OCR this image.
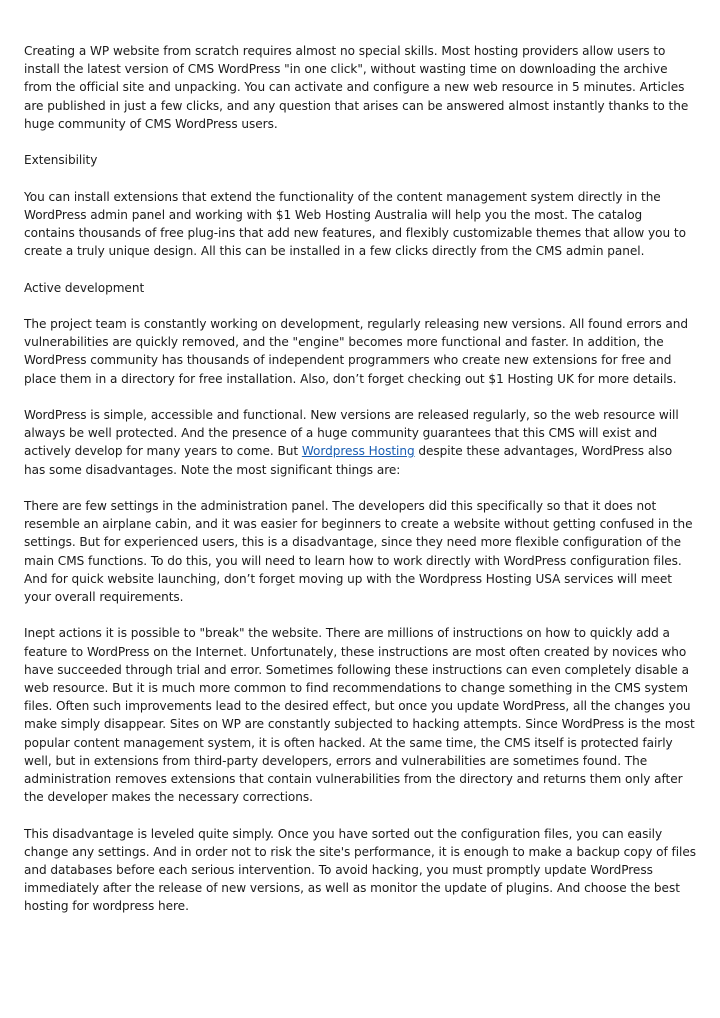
Creating a WP website from scratch requires almost no special skills. Most hosting providers allow users to install the latest version of CMS WordPress "in one click", without wasting time on downloading the archive from the official site and unpacking. You can activate and configure a new web resource in 5 minutes. Articles are published in just a few clicks, and any question that arises can be answered almost instantly thanks to the huge community of CMS WordPress users.

Extensibility

You can install extensions that extend the functionality of the content management system directly in the WordPress admin panel and working with $1 Web Hosting Australia will help you the most. The catalog contains thousands of free plug-ins that add new features, and flexibly customizable themes that allow you to create a truly unique design. All this can be installed in a few clicks directly from the CMS admin panel.

Active development

The project team is constantly working on development, regularly releasing new versions. All found errors and vulnerabilities are quickly removed, and the "engine" becomes more functional and faster. In addition, the WordPress community has thousands of independent programmers who create new extensions for free and place them in a directory for free installation. Also, don’t forget checking out $1 Hosting UK for more details.

WordPress is simple, accessible and functional. New versions are released regularly, so the web resource will always be well protected. And the presence of a huge community guarantees that this CMS will exist and actively develop for many years to come. But Wordpress Hosting despite these advantages, WordPress also has some disadvantages. Note the most significant things are:

There are few settings in the administration panel. The developers did this specifically so that it does not resemble an airplane cabin, and it was easier for beginners to create a website without getting confused in the settings. But for experienced users, this is a disadvantage, since they need more flexible configuration of the main CMS functions. To do this, you will need to learn how to work directly with WordPress configuration files. And for quick website launching, don’t forget moving up with the Wordpress Hosting USA services will meet your overall requirements.

Inept actions it is possible to "break" the website. There are millions of instructions on how to quickly add a feature to WordPress on the Internet. Unfortunately, these instructions are most often created by novices who have succeeded through trial and error. Sometimes following these instructions can even completely disable a web resource. But it is much more common to find recommendations to change something in the CMS system files. Often such improvements lead to the desired effect, but once you update WordPress, all the changes you make simply disappear. Sites on WP are constantly subjected to hacking attempts. Since WordPress is the most popular content management system, it is often hacked. At the same time, the CMS itself is protected fairly well, but in extensions from third-party developers, errors and vulnerabilities are sometimes found. The administration removes extensions that contain vulnerabilities from the directory and returns them only after the developer makes the necessary corrections.

This disadvantage is leveled quite simply. Once you have sorted out the configuration files, you can easily change any settings. And in order not to risk the site's performance, it is enough to make a backup copy of files and databases before each serious intervention. To avoid hacking, you must promptly update WordPress immediately after the release of new versions, as well as monitor the update of plugins. And choose the best hosting for wordpress here.
